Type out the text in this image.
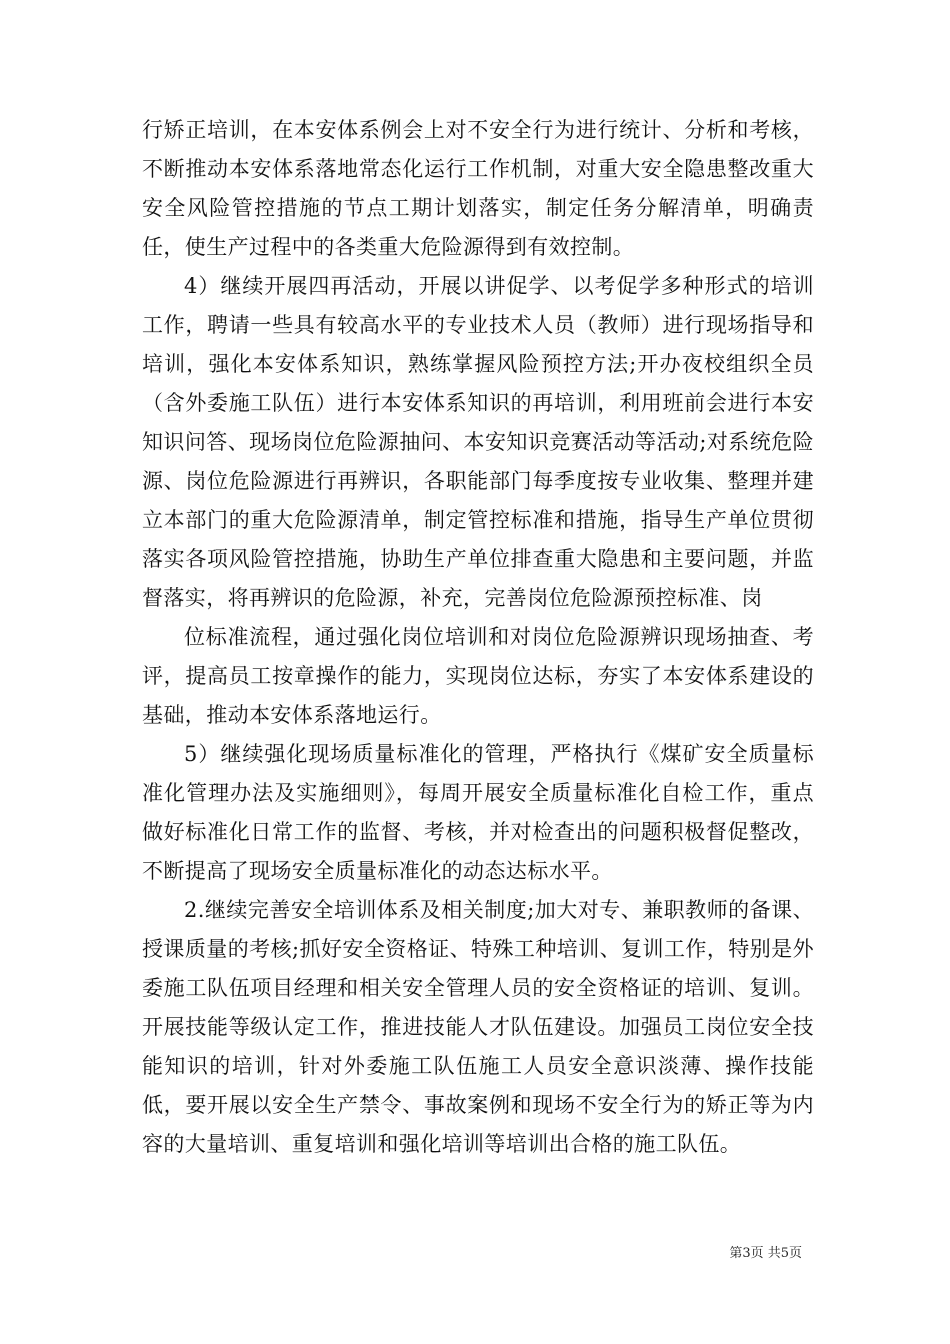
行矫正培训，在本安体系例会上对不安全行为进行统计、分析和考核，不断推动本安体系落地常态化运行工作机制，对重大安全隐患整改重大安全风险管控措施的节点工期计划落实，制定任务分解清单，明确责任，使生产过程中的各类重大危险源得到有效控制。

4）继续开展四再活动，开展以讲促学、以考促学多种形式的培训工作，聘请一些具有较高水平的专业技术人员（教师）进行现场指导和培训，强化本安体系知识，熟练掌握风险预控方法;开办夜校组织全员（含外委施工队伍）进行本安体系知识的再培训，利用班前会进行本安知识问答、现场岗位危险源抽问、本安知识竞赛活动等活动;对系统危险源、岗位危险源进行再辨识，各职能部门每季度按专业收集、整理并建立本部门的重大危险源清单，制定管控标准和措施，指导生产单位贯彻落实各项风险管控措施，协助生产单位排查重大隐患和主要问题，并监督落实，将再辨识的危险源，补充，完善岗位危险源预控标准、岗

位标准流程，通过强化岗位培训和对岗位危险源辨识现场抽查、考评，提高员工按章操作的能力，实现岗位达标，夯实了本安体系建设的基础，推动本安体系落地运行。

5）继续强化现场质量标准化的管理，严格执行《煤矿安全质量标准化管理办法及实施细则》，每周开展安全质量标准化自检工作，重点做好标准化日常工作的监督、考核，并对检查出的问题积极督促整改，不断提高了现场安全质量标准化的动态达标水平。

2.继续完善安全培训体系及相关制度;加大对专、兼职教师的备课、授课质量的考核;抓好安全资格证、特殊工种培训、复训工作，特别是外委施工队伍项目经理和相关安全管理人员的安全资格证的培训、复训。开展技能等级认定工作，推进技能人才队伍建设。加强员工岗位安全技能知识的培训，针对外委施工队伍施工人员安全意识淡薄、操作技能低，要开展以安全生产禁令、事故案例和现场不安全行为的矫正等为内容的大量培训、重复培训和强化培训等培训出合格的施工队伍。

第3页 共5页
